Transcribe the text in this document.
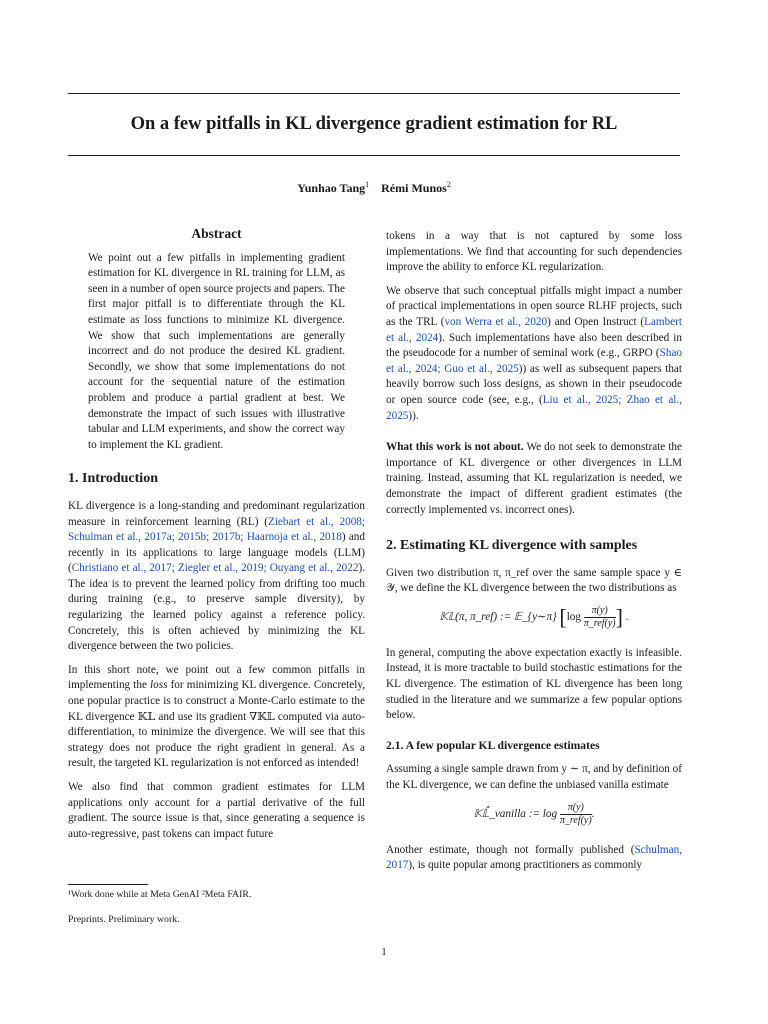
On a few pitfalls in KL divergence gradient estimation for RL
Yunhao Tang$^1$ Rémi Munos$^2$
Abstract

We point out a few pitfalls in implementing gradient estimation for KL divergence in RL training for LLM, as seen in a number of open source projects and papers. The first major pitfall is to differentiate through the KL estimate as loss functions to minimize KL divergence. We show that such implementations are generally incorrect and do not produce the desired KL gradient. Secondly, we show that some implementations do not account for the sequential nature of the estimation problem and produce a partial gradient at best. We demonstrate the impact of such issues with illustrative tabular and LLM experiments, and show the correct way to implement the KL gradient.

1. Introduction

KL divergence is a long-standing and predominant regularization measure in reinforcement learning (RL) (Ziebart et al., 2008; Schulman et al., 2017a; 2015b; 2017b; Haarnoja et al., 2018) and recently in its applications to large language models (LLM) (Christiano et al., 2017; Ziegler et al., 2019; Ouyang et al., 2022). The idea is to prevent the learned policy from drifting too much during training (e.g., to preserve sample diversity), by regularizing the learned policy against a reference policy. Concretely, this is often achieved by minimizing the KL divergence between the two policies.

In this short note, we point out a few common pitfalls in implementing the loss for minimizing KL divergence. Concretely, one popular practice is to construct a Monte-Carlo estimate to the KL divergence 𝕂𝕃 and use its gradient ∇𝕂𝕃 computed via auto-differentiation, to minimize the divergence. We will see that this strategy does not produce the right gradient in general. As a result, the targeted KL regularization is not enforced as intended!

We also find that common gradient estimates for LLM applications only account for a partial derivative of the full gradient. The source issue is that, since generating a sequence is auto-regressive, past tokens can impact future

tokens in a way that is not captured by some loss implementations. We find that accounting for such dependencies improve the ability to enforce KL regularization.

We observe that such conceptual pitfalls might impact a number of practical implementations in open source RLHF projects, such as the TRL (von Werra et al., 2020) and Open Instruct (Lambert et al., 2024). Such implementations have also been described in the pseudocode for a number of seminal work (e.g., GRPO (Shao et al., 2024; Guo et al., 2025)) as well as subsequent papers that heavily borrow such loss designs, as shown in their pseudocode or open source code (see, e.g., (Liu et al., 2025; Zhao et al., 2025)).

What this work is not about. We do not seek to demonstrate the importance of KL divergence or other divergences in LLM training. Instead, assuming that KL regularization is needed, we demonstrate the impact of different gradient estimates (the correctly implemented vs. incorrect ones).

2. Estimating KL divergence with samples

Given two distribution π, π_ref over the same sample space y ∈ 𝒴, we define the KL divergence between the two distributions as

𝕂𝕃(π, π_ref) := 𝔼_{y∼π} [$\log \frac{\pi(y)}{\text{π\_ref(y)}}$ ] .

In general, computing the above expectation exactly is infeasible. Instead, it is more tractable to build stochastic estimations for the KL divergence. The estimation of KL divergence has been long studied in the literature and we summarize a few popular options below.

2.1. A few popular KL divergence estimates

Assuming a single sample drawn from y ∼ π, and by definition of the KL divergence, we can define the unbiased vanilla estimate

𝕂𝕃̂_vanilla := $\log \frac{\pi(y)}{\text{π\_ref(y)}}$ .

Another estimate, though not formally published (Schulman, 2017), is quite popular among practitioners as commonly

¹Work done while at Meta GenAI ²Meta FAIR.
Preprints. Preliminary work.
1
